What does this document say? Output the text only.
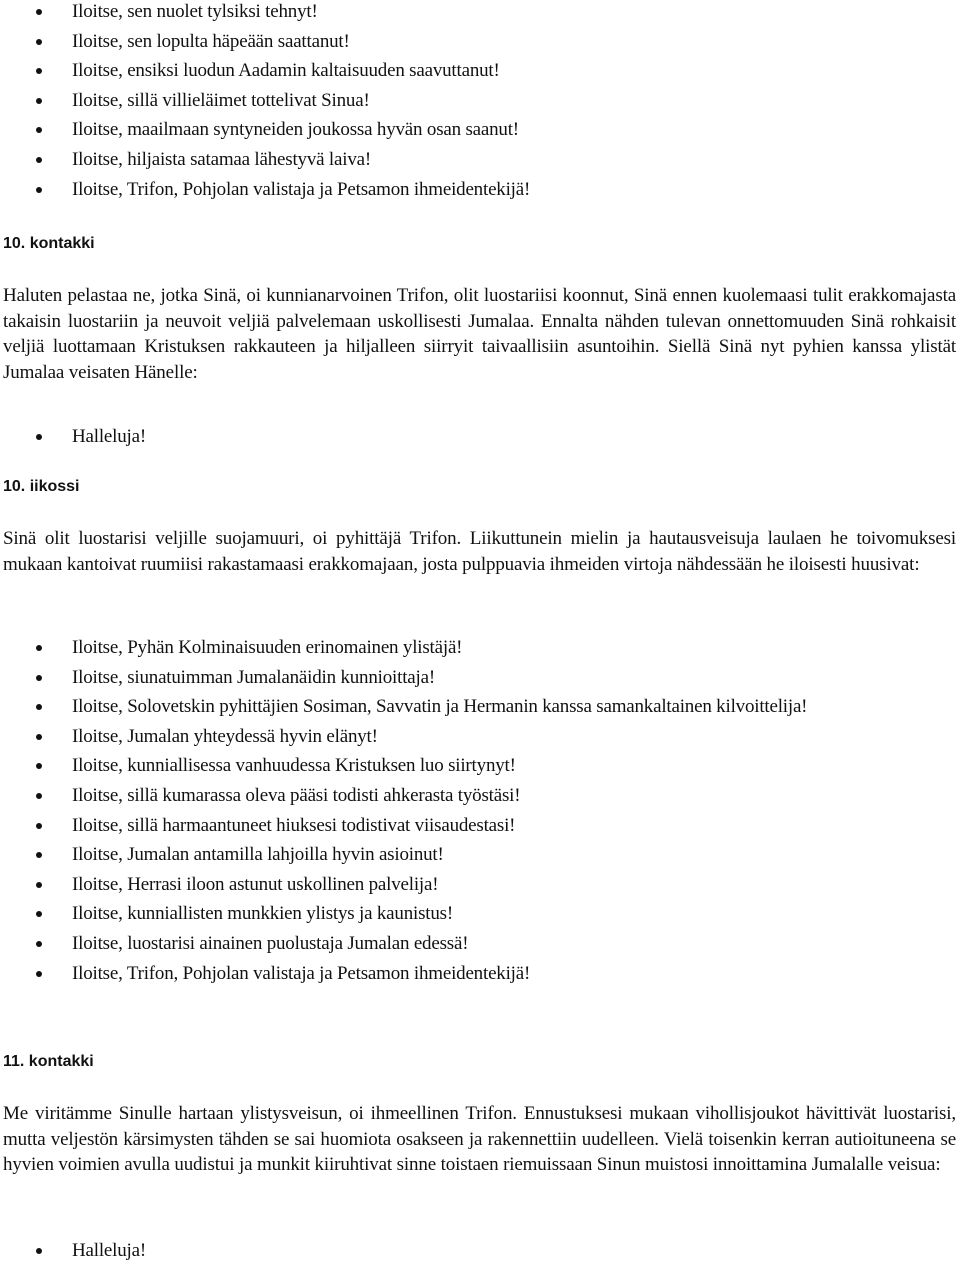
Iloitse, sen nuolet tylsiksi tehnyt!
Iloitse, sen lopulta häpeään saattanut!
Iloitse, ensiksi luodun Aadamin kaltaisuuden saavuttanut!
Iloitse, sillä villieläimet tottelivat Sinua!
Iloitse, maailmaan syntyneiden joukossa hyvän osan saanut!
Iloitse, hiljaista satamaa lähestyvä laiva!
Iloitse, Trifon, Pohjolan valistaja ja Petsamon ihmeidentekijä!
10. kontakki

Haluten pelastaa ne, jotka Sinä, oi kunnianarvoinen Trifon, olit luostariisi koonnut, Sinä ennen kuolemaasi tulit erakkomajasta takaisin luostariin ja neuvoit veljiä palvelemaan uskollisesti Jumalaa. Ennalta nähden tulevan onnettomuuden Sinä rohkaisit veljiä luottamaan Kristuksen rakkauteen ja hiljalleen siirryit taivaallisiin asuntoihin. Siellä Sinä nyt pyhien kanssa ylistät Jumalaa veisaten Hänelle:

Halleluja!
10. iikossi

Sinä olit luostarisi veljille suojamuuri, oi pyhittäjä Trifon. Liikuttunein mielin ja hautausveisuja laulaen he toivomuksesi mukaan kantoivat ruumiisi rakastamaasi erakkomajaan, josta pulppuavia ihmeiden virtoja nähdessään he iloisesti huusivat:

Iloitse, Pyhän Kolminaisuuden erinomainen ylistäjä!
Iloitse, siunatuimman Jumalanäidin kunnioittaja!
Iloitse, Solovetskin pyhittäjien Sosiman, Savvatin ja Hermanin kanssa samankaltainen kilvoittelija!
Iloitse, Jumalan yhteydessä hyvin elänyt!
Iloitse, kunniallisessa vanhuudessa Kristuksen luo siirtynyt!
Iloitse, sillä kumarassa oleva pääsi todisti ahkerasta työstäsi!
Iloitse, sillä harmaantuneet hiuksesi todistivat viisaudestasi!
Iloitse, Jumalan antamilla lahjoilla hyvin asioinut!
Iloitse, Herrasi iloon astunut uskollinen palvelija!
Iloitse, kunniallisten munkkien ylistys ja kaunistus!
Iloitse, luostarisi ainainen puolustaja Jumalan edessä!
Iloitse, Trifon, Pohjolan valistaja ja Petsamon ihmeidentekijä!
11. kontakki

Me viritämme Sinulle hartaan ylistysveisun, oi ihmeellinen Trifon. Ennustuksesi mukaan vihollisjoukot hävittivät luostarisi, mutta veljestön kärsimysten tähden se sai huomiota osakseen ja rakennettiin uudelleen. Vielä toisenkin kerran autioituneena se hyvien voimien avulla uudistui ja munkit kiiruhtivat sinne toistaen riemuissaan Sinun muistosi innoittamina Jumalalle veisua:

Halleluja!
